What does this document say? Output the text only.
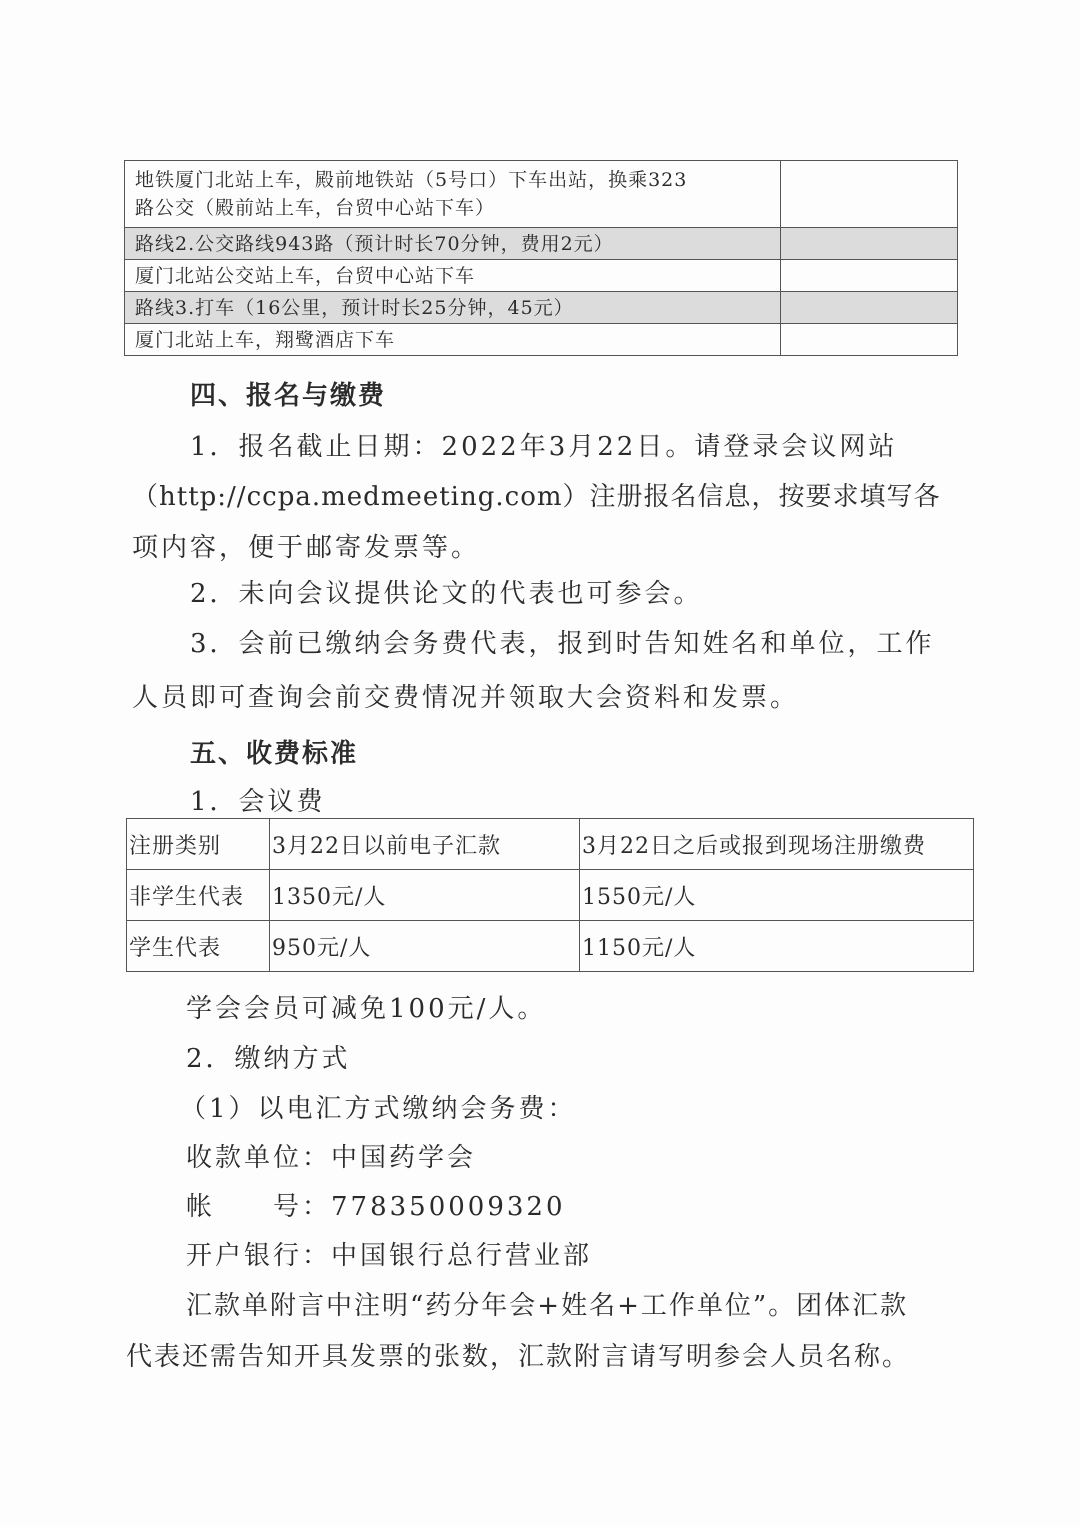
地铁厦门北站上车，殿前地铁站（5号口）下车出站，换乘323
路公交（殿前站上车，台贸中心站下车）	

路线2.公交路线943路（预计时长70分钟，费用2元）	
厦门北站公交站上车，台贸中心站下车	
路线3.打车（16公里，预计时长25分钟，45元）	
厦门北站上车，翔鹭酒店下车	
四、报名与缴费
1．报名截止日期：2022年3月22日。请登录会议网站
（http://ccpa.medmeeting.com）注册报名信息，按要求填写各
项内容，便于邮寄发票等。
2．未向会议提供论文的代表也可参会。
3．会前已缴纳会务费代表，报到时告知姓名和单位，工作
人员即可查询会前交费情况并领取大会资料和发票。
五、收费标准
1．会议费
注册类别	3月22日以前电子汇款	3月22日之后或报到现场注册缴费
非学生代表	1350元/人	1550元/人
学生代表	950元/人	1150元/人
学会会员可减免100元/人。
2．缴纳方式
（1）以电汇方式缴纳会务费：
收款单位：中国药学会
帐　　号：778350009320
开户银行：中国银行总行营业部
汇款单附言中注明“药分年会+姓名+工作单位”。团体汇款
代表还需告知开具发票的张数，汇款附言请写明参会人员名称。
